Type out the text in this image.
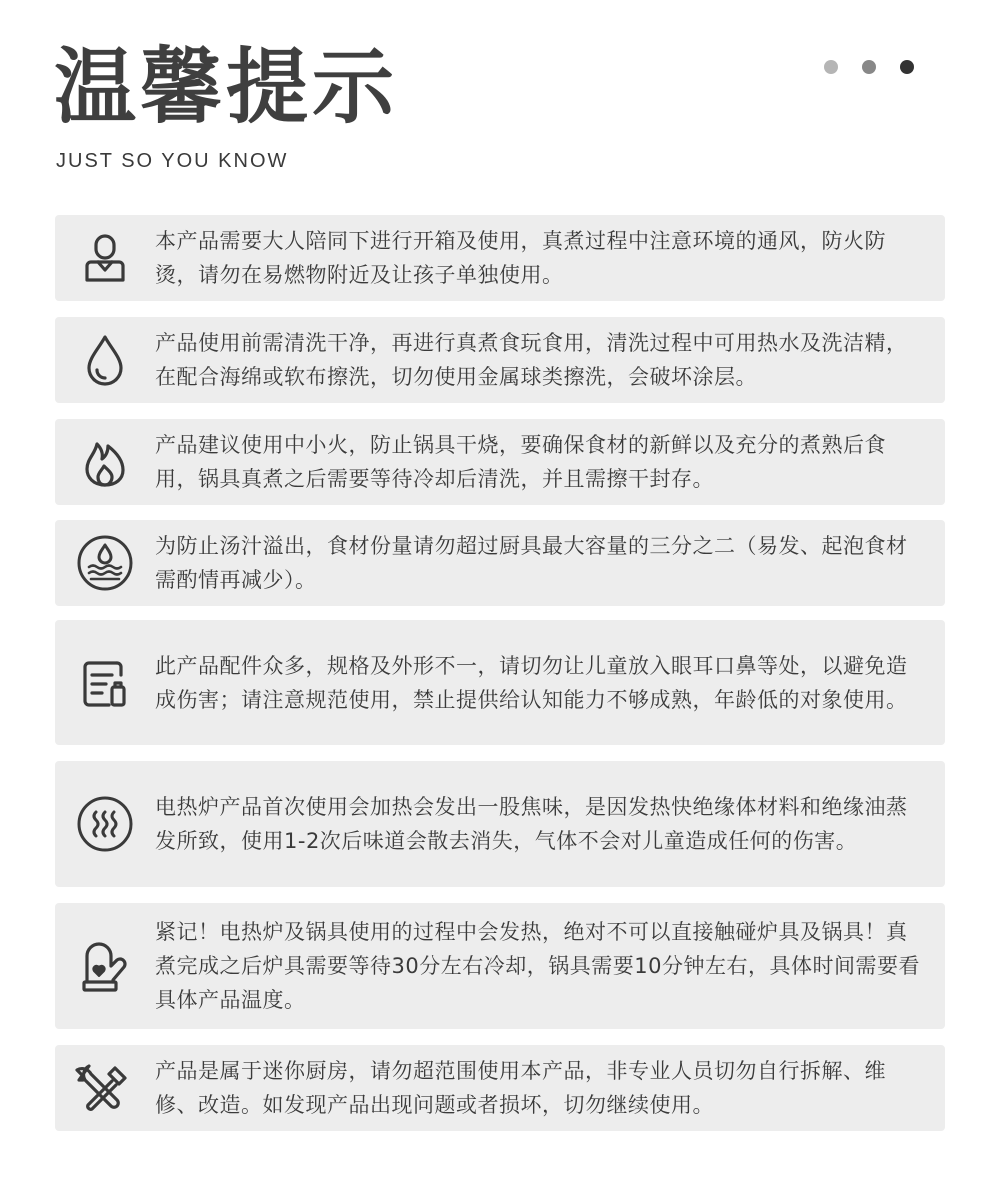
温馨提示
JUST SO YOU KNOW
本产品需要大人陪同下进行开箱及使用，真煮过程中注意环境的通风，防火防烫，请勿在易燃物附近及让孩子单独使用。
产品使用前需清洗干净，再进行真煮食玩食用，清洗过程中可用热水及洗洁精，在配合海绵或软布擦洗，切勿使用金属球类擦洗，会破坏涂层。
产品建议使用中小火，防止锅具干烧，要确保食材的新鲜以及充分的煮熟后食用，锅具真煮之后需要等待冷却后清洗，并且需擦干封存。
为防止汤汁溢出，食材份量请勿超过厨具最大容量的三分之二（易发、起泡食材需酌情再减少）。
此产品配件众多，规格及外形不一，请切勿让儿童放入眼耳口鼻等处，以避免造成伤害；请注意规范使用，禁止提供给认知能力不够成熟，年龄低的对象使用。
电热炉产品首次使用会加热会发出一股焦味，是因发热快绝缘体材料和绝缘油蒸发所致，使用1-2次后味道会散去消失，气体不会对儿童造成任何的伤害。
紧记！电热炉及锅具使用的过程中会发热，绝对不可以直接触碰炉具及锅具！真煮完成之后炉具需要等待30分左右冷却，锅具需要10分钟左右，具体时间需要看具体产品温度。
产品是属于迷你厨房，请勿超范围使用本产品，非专业人员切勿自行拆解、维修、改造。如发现产品出现问题或者损坏，切勿继续使用。
